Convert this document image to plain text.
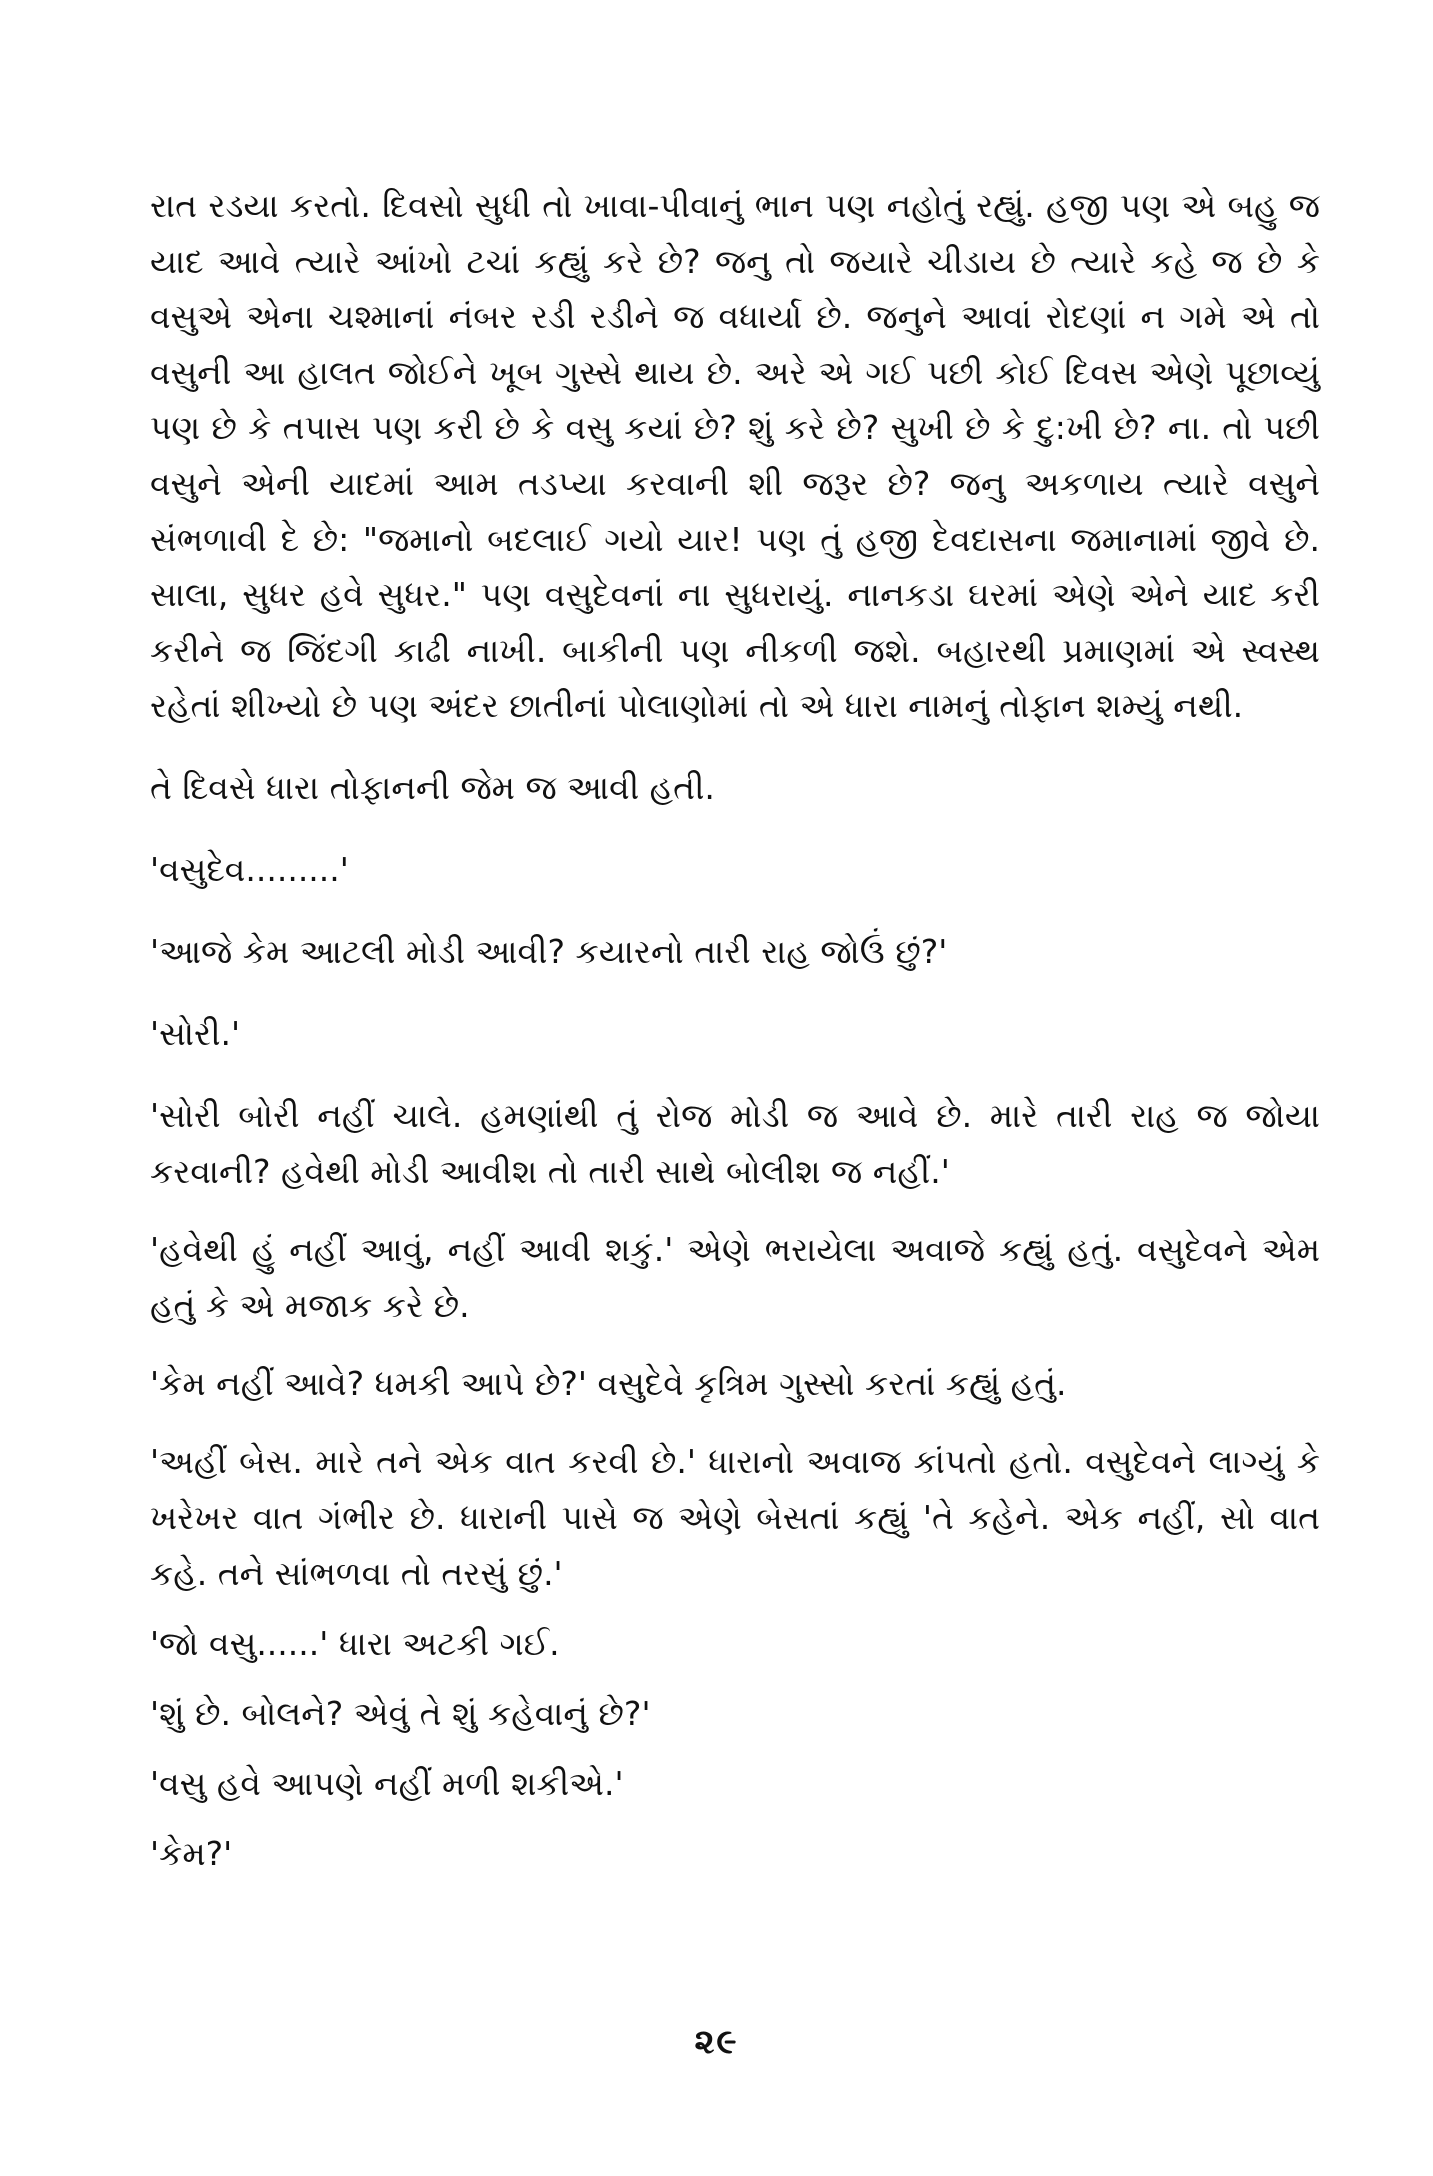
રાત રડયા કરતો. દિવસો સુધી તો ખાવા-પીવાનું ભાન પણ નહોતું રહ્યું. હજી પણ એ બહુ જ યાદ આવે ત્યારે આંખો ટચાં કહ્યું કરે છે? જનુ તો જયારે ચીડાય છે ત્યારે કહે જ છે કે વસુએ એના ચશ્માનાં નંબર રડી રડીને જ વધાર્યા છે. જનુને આવાં રોદણાં ન ગમે એ તો વસુની આ હાલત જોઈને ખૂબ ગુસ્સે થાય છે. અરે એ ગઈ પછી કોઈ દિવસ એણે પૂછાવ્યું પણ છે કે તપાસ પણ કરી છે કે વસુ કયાં છે? શું કરે છે? સુખી છે કે દુ:ખી છે? ના. તો પછી વસુને એની યાદમાં આમ તડપ્યા કરવાની શી જરૂર છે? જનુ અકળાય ત્યારે વસુને સંભળાવી દે છે: "જમાનો બદલાઈ ગયો યાર! પણ તું હજી દેવદાસના જમાનામાં જીવે છે. સાલા, સુધર હવે સુધર." પણ વસુદેવનાં ના સુધરાયું. નાનકડા ઘરમાં એણે એને યાદ કરી કરીને જ જિંદગી કાઢી નાખી. બાકીની પણ નીકળી જશે. બહારથી પ્રમાણમાં એ સ્વસ્થ રહેતાં શીખ્યો છે પણ અંદર છાતીનાં પોલાણોમાં તો એ ધારા નામનું તોફાન શમ્યું નથી.

તે દિવસે ધારા તોફાનની જેમ જ આવી હતી.

'વસુદેવ.........'

'આજે કેમ આટલી મોડી આવી? કયારનો તારી રાહ જોઉં છું?'

'સોરી.'

'સોરી બોરી નહીં ચાલે. હમણાંથી તું રોજ મોડી જ આવે છે. મારે તારી રાહ જ જોયા કરવાની? હવેથી મોડી આવીશ તો તારી સાથે બોલીશ જ નહીં.'

'હવેથી હું નહીં આવું, નહીં આવી શકું.' એણે ભરાયેલા અવાજે કહ્યું હતું. વસુદેવને એમ હતું કે એ મજાક કરે છે.

'કેમ નહીં આવે? ધમકી આપે છે?' વસુદેવે કૃત્રિમ ગુસ્સો કરતાં કહ્યું હતું.

'અહીં બેસ. મારે તને એક વાત કરવી છે.' ધારાનો અવાજ કાંપતો હતો. વસુદેવને લાગ્યું કે ખરેખર વાત ગંભીર છે. ધારાની પાસે જ એણે બેસતાં કહ્યું 'તે કહેને. એક નહીં, સો વાત કહે. તને સાંભળવા તો તરસું છું.'

'જો વસુ......' ધારા અટકી ગઈ.

'શું છે. બોલને? એવું તે શું કહેવાનું છે?'

'વસુ હવે આપણે નહીં મળી શકીએ.'

'કેમ?'

૨૯
